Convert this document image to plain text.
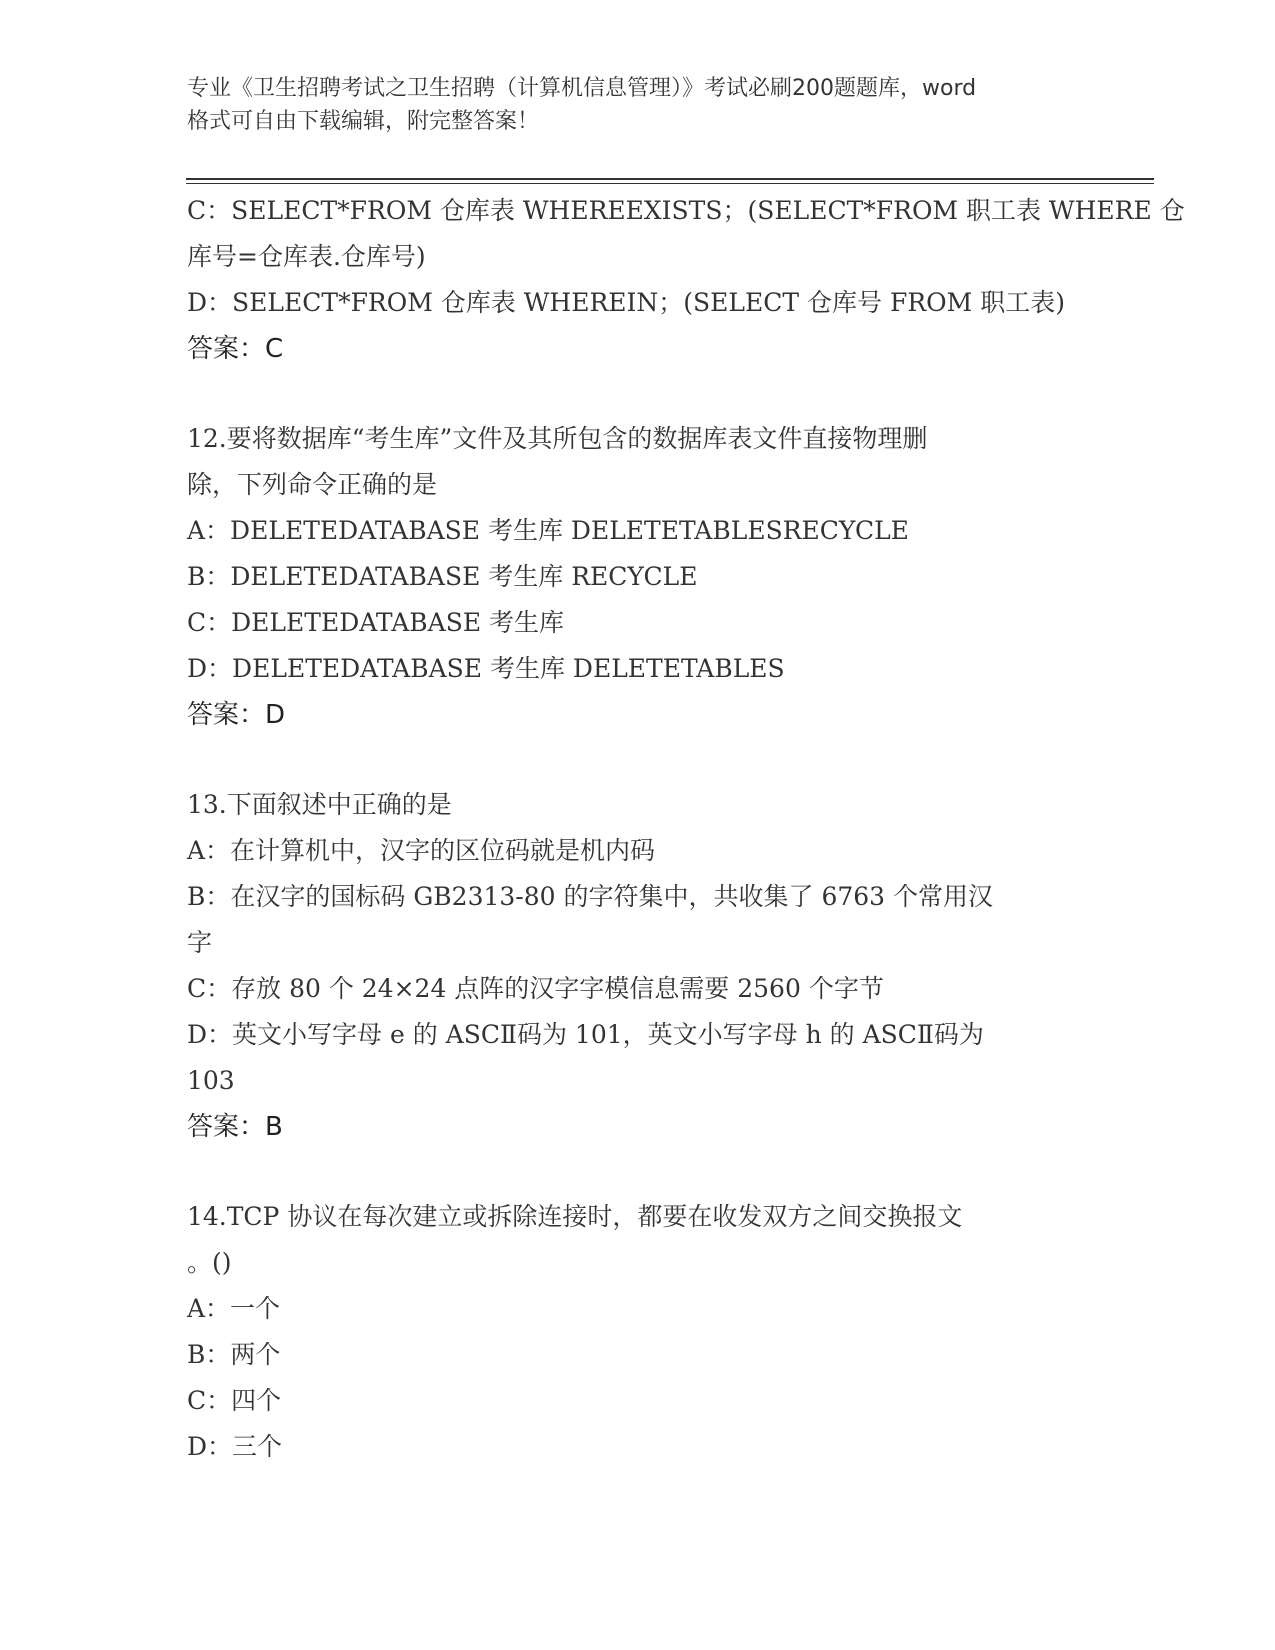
专业《卫生招聘考试之卫生招聘（计算机信息管理）》考试必刷200题题库，word
格式可自由下载编辑，附完整答案！
C：SELECT*FROM 仓库表 WHEREEXISTS；(SELECT*FROM 职工表 WHERE 仓
库号=仓库表.仓库号)
D：SELECT*FROM 仓库表 WHEREIN；(SELECT 仓库号 FROM 职工表)
答案：C
12.要将数据库“考生库”文件及其所包含的数据库表文件直接物理删
除，下列命令正确的是
A：DELETEDATABASE 考生库 DELETETABLESRECYCLE
B：DELETEDATABASE 考生库 RECYCLE
C：DELETEDATABASE 考生库
D：DELETEDATABASE 考生库 DELETETABLES
答案：D
13.下面叙述中正确的是
A：在计算机中，汉字的区位码就是机内码
B：在汉字的国标码 GB2313-80 的字符集中，共收集了 6763 个常用汉
字
C：存放 80 个 24×24 点阵的汉字字模信息需要 2560 个字节
D：英文小写字母 e 的 ASCⅡ码为 101，英文小写字母 h 的 ASCⅡ码为
103
答案：B
14.TCP 协议在每次建立或拆除连接时，都要在收发双方之间交换报文
。()
A：一个
B：两个
C：四个
D：三个
